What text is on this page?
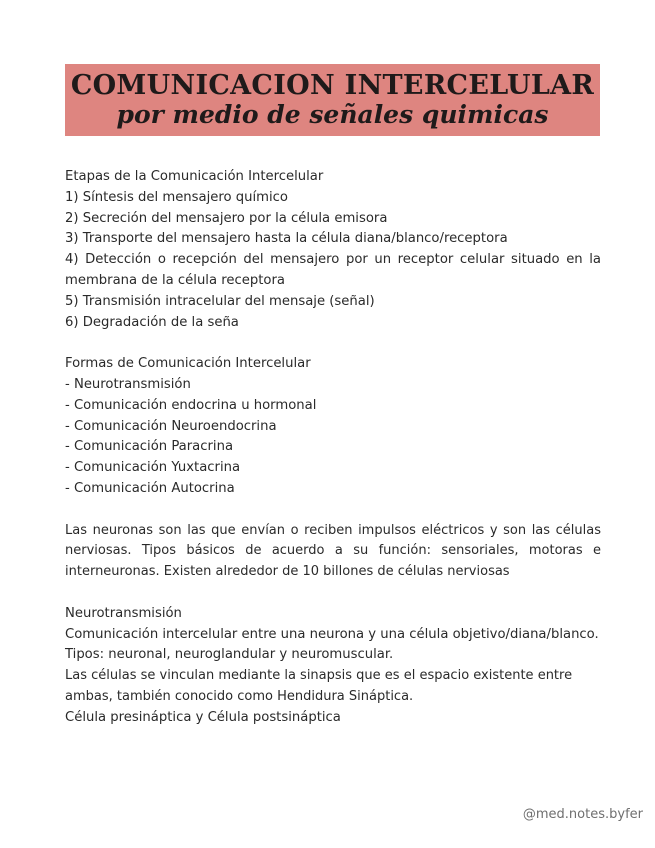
COMUNICACION INTERCELULAR
por medio de señales quimicas

Etapas de la Comunicación Intercelular

1) Síntesis del mensajero químico

2) Secreción del mensajero por la célula emisora

3) Transporte del mensajero hasta la célula diana/blanco/receptora

4) Detección o recepción del mensajero por un receptor celular situado en la membrana de la célula receptora

5) Transmisión intracelular del mensaje (señal)

6) Degradación de la seña

Formas de Comunicación Intercelular

- Neurotransmisión

- Comunicación endocrina u hormonal

- Comunicación Neuroendocrina

- Comunicación Paracrina

- Comunicación Yuxtacrina

- Comunicación Autocrina

Las neuronas son las que envían o reciben impulsos eléctricos y son las células nerviosas. Tipos básicos de acuerdo a su función: sensoriales, motoras e interneuronas. Existen alrededor de 10 billones de células nerviosas

Neurotransmisión

Comunicación intercelular entre una neurona y una célula objetivo/diana/blanco.

Tipos: neuronal, neuroglandular y neuromuscular.

Las células se vinculan mediante la sinapsis que es el espacio existente entre ambas, también conocido como Hendidura Sináptica.

Célula presináptica y Célula postsináptica

@med.notes.byfer
